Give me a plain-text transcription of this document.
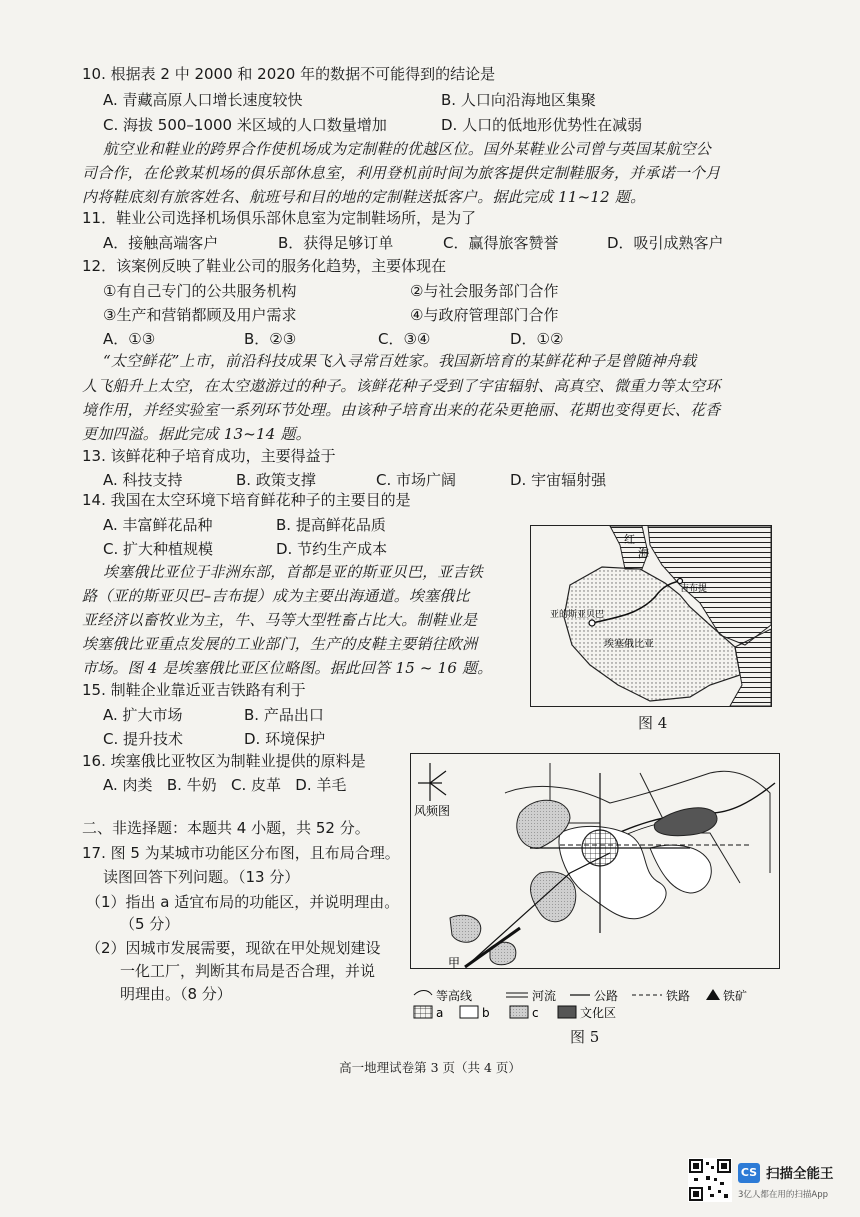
10. 根据表 2 中 2000 和 2020 年的数据不可能得到的结论是
A. 青藏高原人口增长速度较快	B. 人口向沿海地区集聚
C. 海拔 500–1000 米区域的人口数量增加	D. 人口的低地形优势性在减弱
航空业和鞋业的跨界合作使机场成为定制鞋的优越区位。国外某鞋业公司曾与英国某航空公
司合作，在伦敦某机场的俱乐部休息室，利用登机前时间为旅客提供定制鞋服务，并承诺一个月
内将鞋底刻有旅客姓名、航班号和目的地的定制鞋送抵客户。据此完成 11~12 题。
11．鞋业公司选择机场俱乐部休息室为定制鞋场所，是为了
A．接触高端客户	B．获得足够订单	C．赢得旅客赞誉	D．吸引成熟客户
12．该案例反映了鞋业公司的服务化趋势，主要体现在
①有自己专门的公共服务机构	②与社会服务部门合作
③生产和营销都顾及用户需求	④与政府管理部门合作
A．①③	B．②③	C．③④	D．①②
“太空鲜花”上市，前沿科技成果飞入寻常百姓家。我国新培育的某鲜花种子是曾随神舟载
人飞船升上太空，在太空遨游过的种子。该鲜花种子受到了宇宙辐射、高真空、微重力等太空环
境作用，并经实验室一系列环节处理。由该种子培育出来的花朵更艳丽、花期也变得更长、花香
更加四溢。据此完成 13~14 题。
13. 该鲜花种子培育成功，主要得益于
A. 科技支持	B. 政策支撑	C. 市场广阔	D. 宇宙辐射强
14. 我国在太空环境下培育鲜花种子的主要目的是
A. 丰富鲜花品种	B. 提高鲜花品质
C. 扩大种植规模	D. 节约生产成本
埃塞俄比亚位于非洲东部，首都是亚的斯亚贝巴，亚吉铁
路（亚的斯亚贝巴–吉布提）成为主要出海通道。埃塞俄比
亚经济以畜牧业为主，牛、马等大型牲畜占比大。制鞋业是
埃塞俄比亚重点发展的工业部门，生产的皮鞋主要销往欧洲
市场。图 4 是埃塞俄比亚区位略图。据此回答 15 ~ 16 题。
15. 制鞋企业靠近亚吉铁路有利于
A. 扩大市场	B. 产品出口
C. 提升技术	D. 环境保护
16. 埃塞俄比亚牧区为制鞋业提供的原料是
A. 肉类   B. 牛奶   C. 皮革   D. 羊毛
二、非选择题：本题共 4 小题，共 52 分。
17. 图 5 为某城市功能区分布图，且布局合理。
读图回答下列问题。（13 分）
（1）指出 a 适宜布局的功能区，并说明理由。
（5 分）
（2）因城市发展需要，现欲在甲处规划建设
一化工厂，判断其布局是否合理，并说
明理由。（8 分）
红
海
吉布提
亚的斯亚贝巴
埃塞俄比亚
图 4
风频图
甲
等高线	河流	公路	铁路	铁矿
a	b	c	文化区
图 5
高一地理试卷第 3 页（共 4 页）
CS 扫描全能王
3亿人都在用的扫描App
